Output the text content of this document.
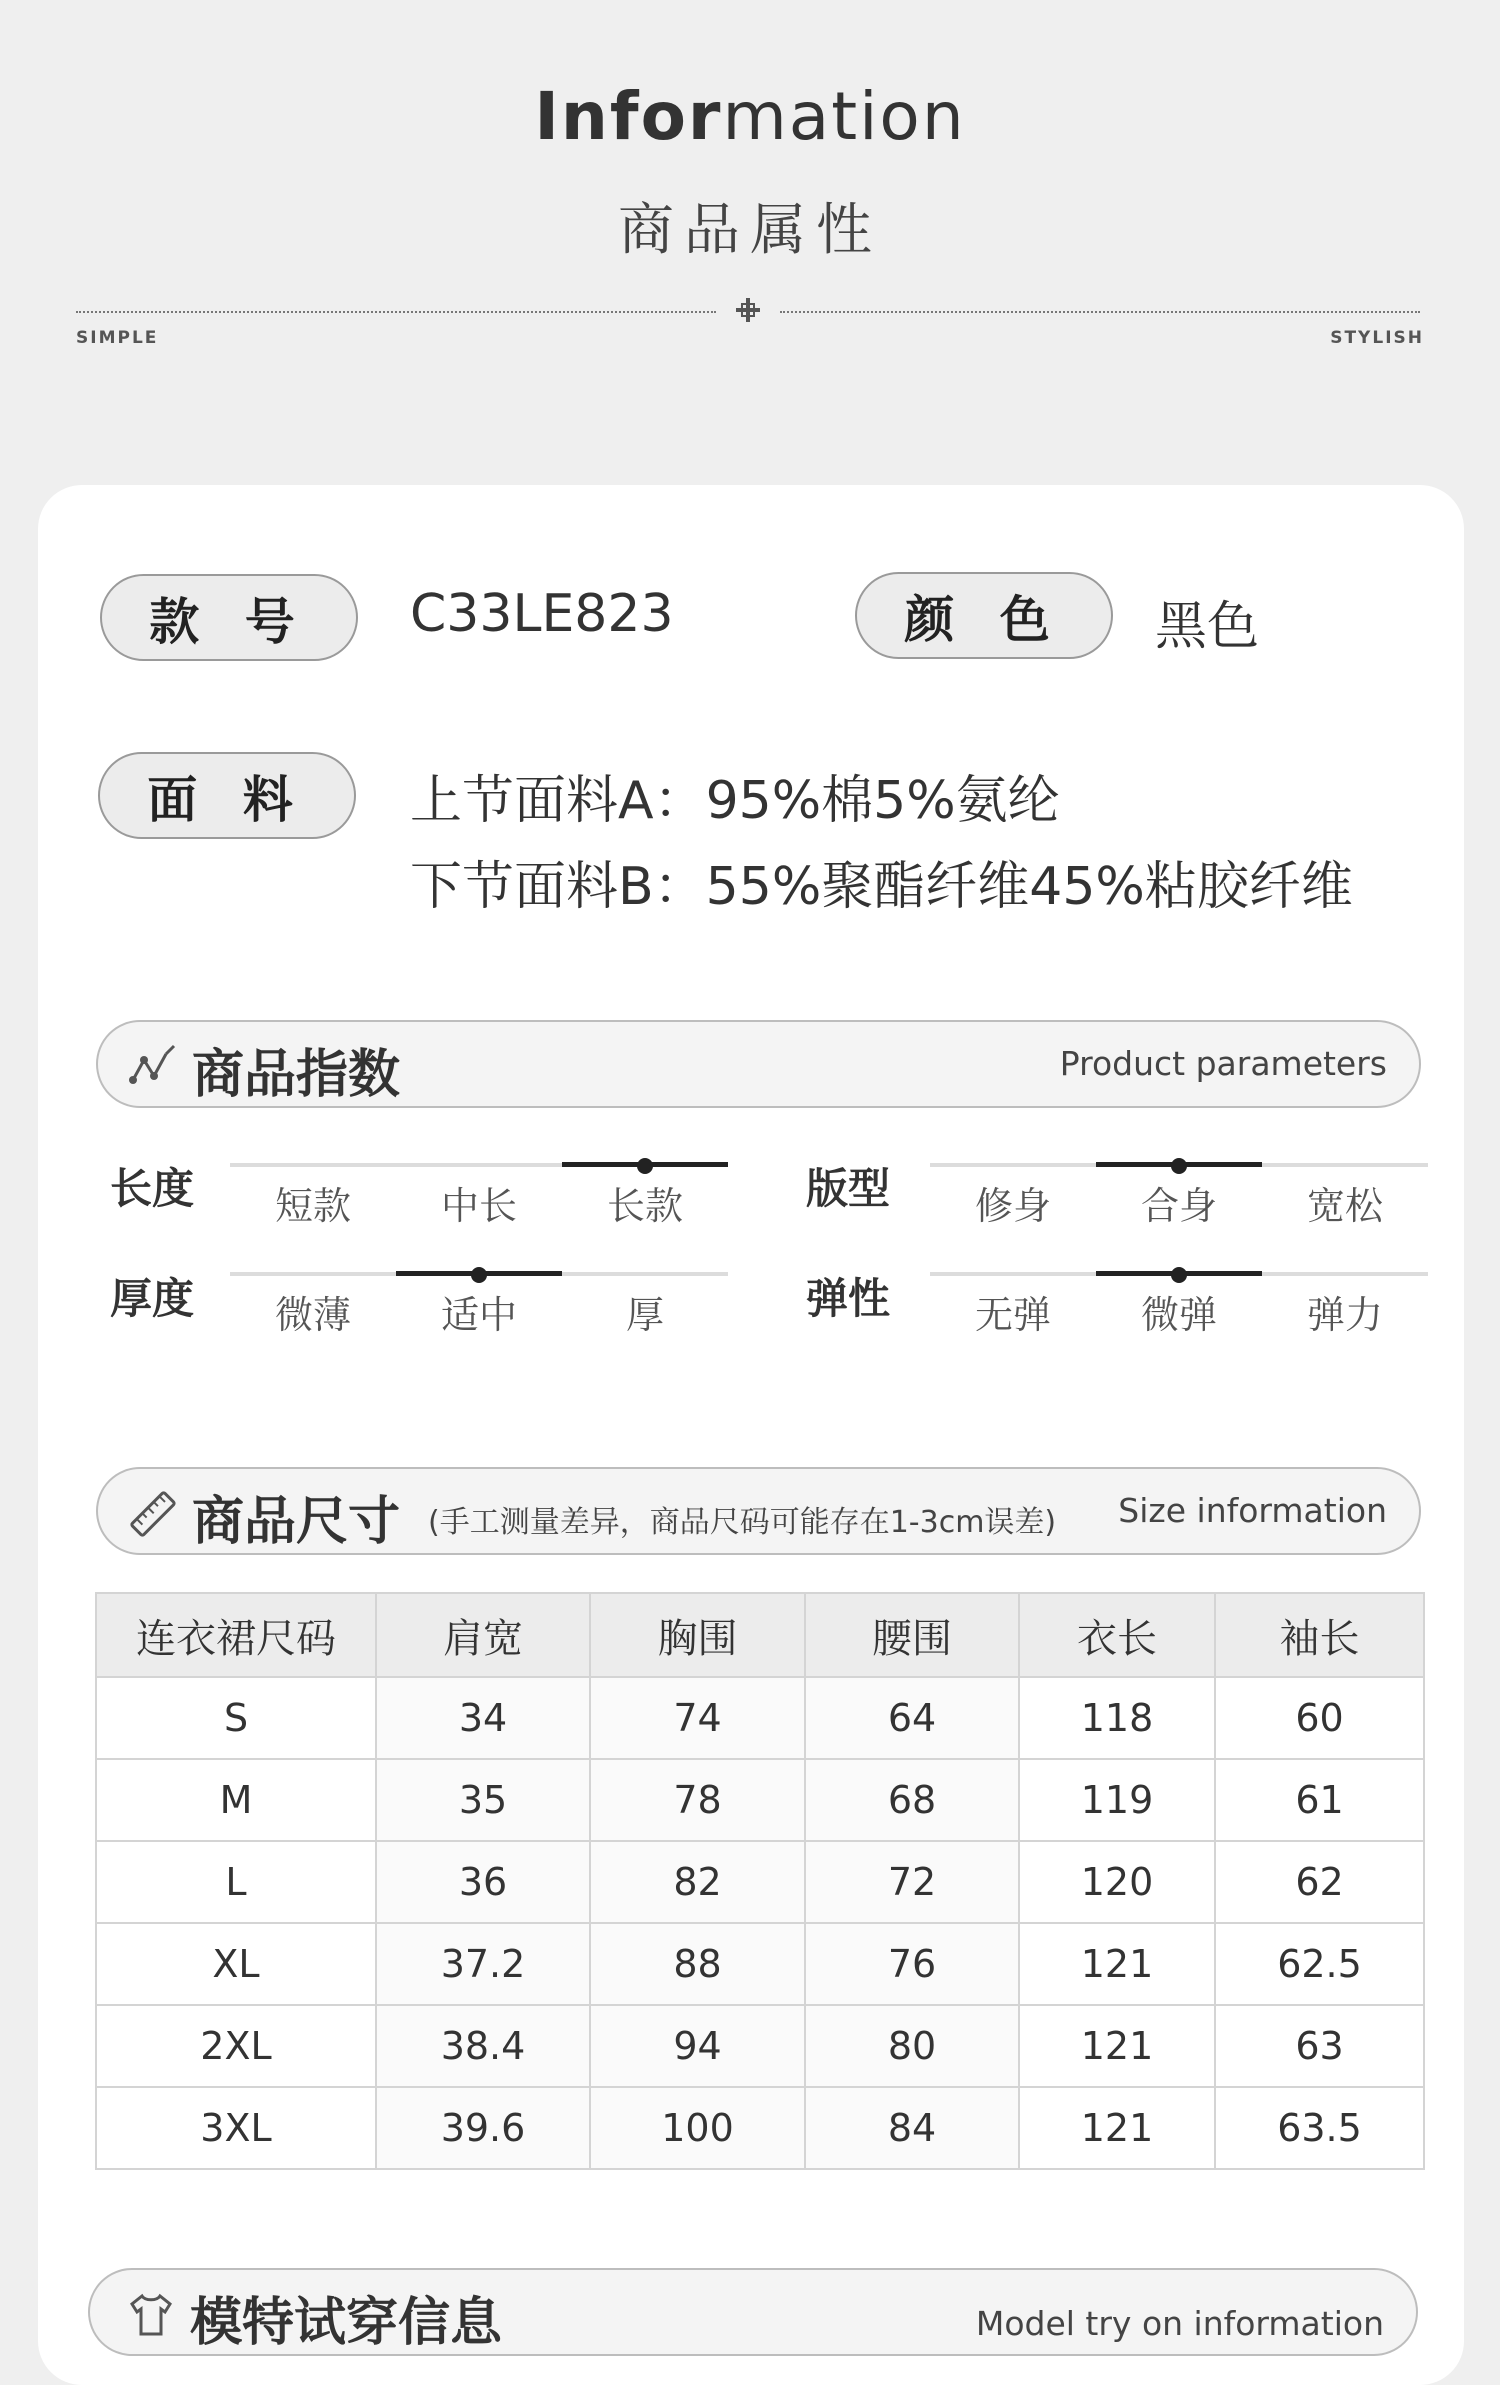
Information
商品属性
SIMPLE	STYLISH
款 号	C33LE823	颜 色	黑色
面 料	上节面料A：95%棉5%氨纶
下节面料B：55%聚酯纤维45%粘胶纤维
商品指数	Product parameters
长度	短款	中长	长款	版型	修身	合身	宽松
厚度	微薄	适中	厚	弹性	无弹	微弹	弹力
商品尺寸 (手工测量差异，商品尺码可能存在1-3cm误差) Size information
连衣裙尺码	肩宽	胸围	腰围	衣长	袖长
S	34	74	64	118	60
M	35	78	68	119	61
L	36	82	72	120	62
XL	37.2	88	76	121	62.5
2XL	38.4	94	80	121	63
3XL	39.6	100	84	121	63.5
模特试穿信息	Model try on information
